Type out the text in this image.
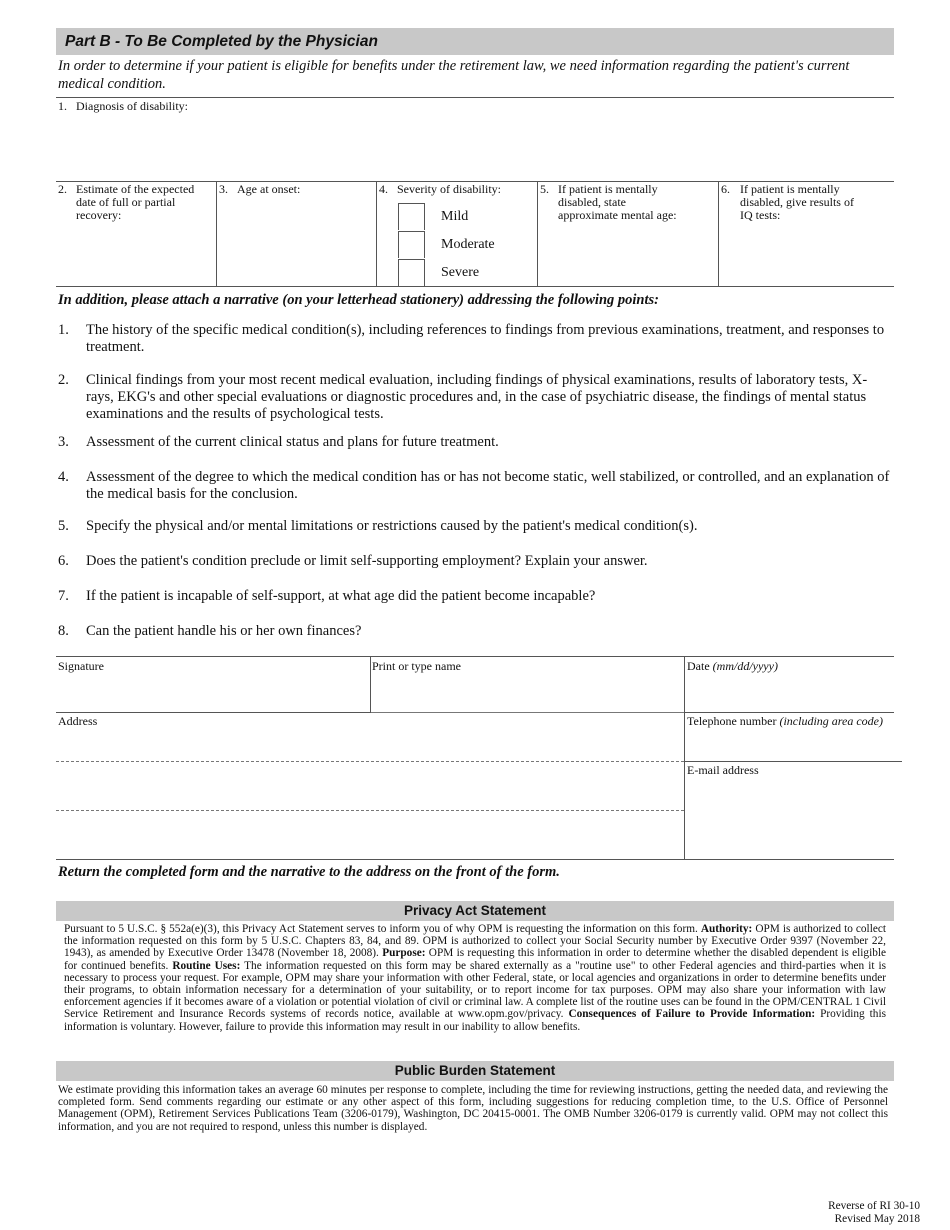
Part B - To Be Completed by the Physician
In order to determine if your patient is eligible for benefits under the retirement law, we need information regarding the patient's current medical condition.
1. Diagnosis of disability:
2. Estimate of the expected date of full or partial recovery:
3. Age at onset:	4. Severity of disability:
Mild
Moderate
Severe
5. If patient is mentally disabled, state approximate mental age:
6. If patient is mentally disabled, give results of IQ tests:
In addition, please attach a narrative (on your letterhead stationery) addressing the following points:
1. The history of the specific medical condition(s), including references to findings from previous examinations, treatment, and responses to treatment.
2. Clinical findings from your most recent medical evaluation, including findings of physical examinations, results of laboratory tests, X-rays, EKG's and other special evaluations or diagnostic procedures and, in the case of psychiatric disease, the findings of mental status examinations and the results of psychological tests.
3. Assessment of the current clinical status and plans for future treatment.
4. Assessment of the degree to which the medical condition has or has not become static, well stabilized, or controlled, and an explanation of the medical basis for the conclusion.
5. Specify the physical and/or mental limitations or restrictions caused by the patient's medical condition(s).
6. Does the patient's condition preclude or limit self-supporting employment? Explain your answer.
7. If the patient is incapable of self-support, at what age did the patient become incapable?
8. Can the patient handle his or her own finances?
Signature	Print or type name	Date (mm/dd/yyyy)
Address	Telephone number (including area code)
E-mail address
Return the completed form and the narrative to the address on the front of the form.
Privacy Act Statement
Pursuant to 5 U.S.C. § 552a(e)(3), this Privacy Act Statement serves to inform you of why OPM is requesting the information on this form. Authority: OPM is authorized to collect the information requested on this form by 5 U.S.C. Chapters 83, 84, and 89. OPM is authorized to collect your Social Security number by Executive Order 9397 (November 22, 1943), as amended by Executive Order 13478 (November 18, 2008). Purpose: OPM is requesting this information in order to determine whether the disabled dependent is eligible for continued benefits. Routine Uses: The information requested on this form may be shared externally as a "routine use" to other Federal agencies and third-parties when it is necessary to process your request. For example, OPM may share your information with other Federal, state, or local agencies and organizations in order to determine benefits under their programs, to obtain information necessary for a determination of your suitability, or to report income for tax purposes. OPM may also share your information with law enforcement agencies if it becomes aware of a violation or potential violation of civil or criminal law. A complete list of the routine uses can be found in the OPM/CENTRAL 1 Civil Service Retirement and Insurance Records systems of records notice, available at www.opm.gov/privacy. Consequences of Failure to Provide Information: Providing this information is voluntary. However, failure to provide this information may result in our inability to allow benefits.
Public Burden Statement
We estimate providing this information takes an average 60 minutes per response to complete, including the time for reviewing instructions, getting the needed data, and reviewing the completed form. Send comments regarding our estimate or any other aspect of this form, including suggestions for reducing completion time, to the U.S. Office of Personnel Management (OPM), Retirement Services Publications Team (3206-0179), Washington, DC 20415-0001. The OMB Number 3206-0179 is currently valid. OPM may not collect this information, and you are not required to respond, unless this number is displayed.
Reverse of RI 30-10
Revised May 2018
